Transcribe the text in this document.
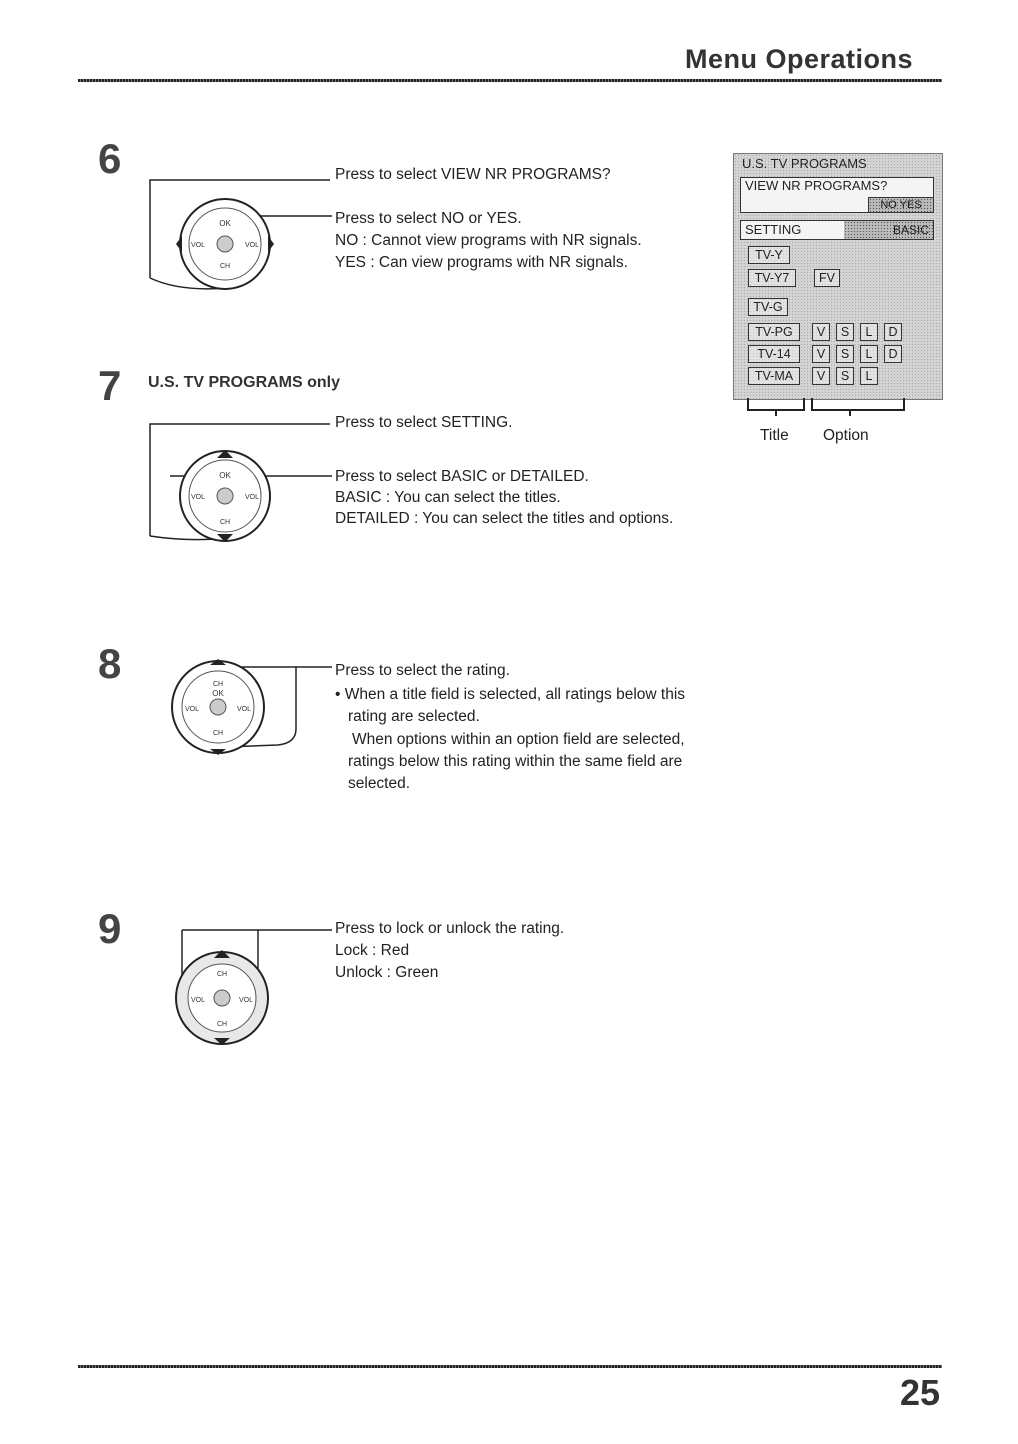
Menu Operations
6
OK
CH
VOL	VOL
Press to select VIEW NR PROGRAMS?
Press to select NO or YES.
NO : Cannot view programs with NR signals.
YES : Can view programs with NR signals.
7 U.S. TV PROGRAMS only
OK
CH
VOL	VOL
Press to select SETTING.
Press to select BASIC or DETAILED.
BASIC : You can select the titles.
DETAILED : You can select the titles and options.
U.S. TV PROGRAMS
VIEW NR PROGRAMS?
NO YES
SETTING	BASIC
TV-Y
TV-Y7	FV
TV-G
TV-PG	V	S	L	D
TV-14	V	S	L	D
TV-MA	V	S	L
Title Option
8	CH
OK
CH
VOL	VOL
Press to select the rating.
• When a title field is selected, all ratings below this
rating are selected.
When options within an option field are selected,
ratings below this rating within the same field are
selected.
9
CH
CH
VOL	VOL
Press to lock or unlock the rating.
Lock : Red
Unlock : Green
25
